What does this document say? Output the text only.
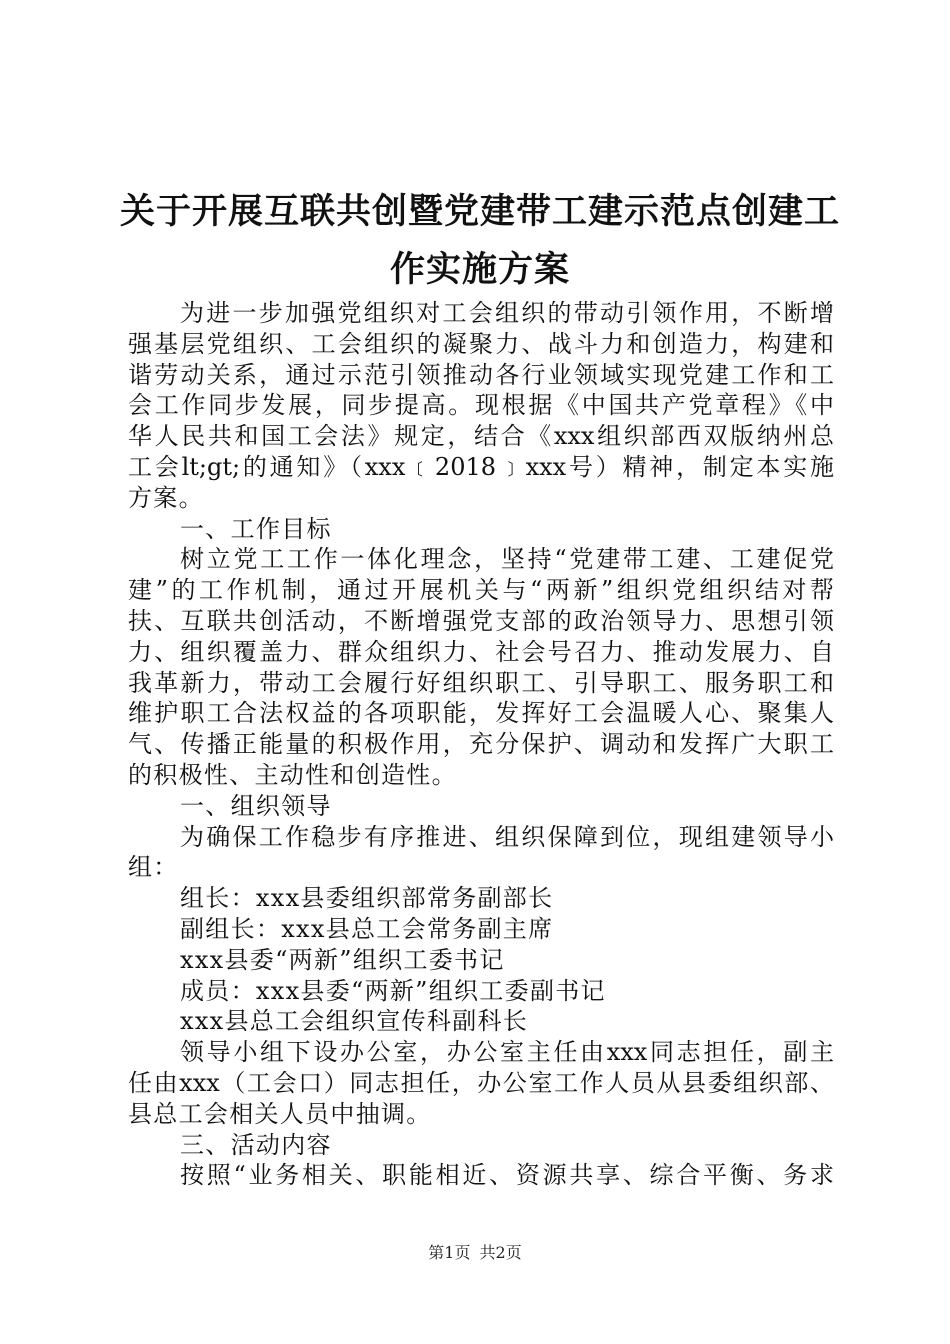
关于开展互联共创暨党建带工建示范点创建工
作实施方案
为进一步加强党组织对工会组织的带动引领作用，不断增
强基层党组织、工会组织的凝聚力、战斗力和创造力，构建和
谐劳动关系，通过示范引领推动各行业领域实现党建工作和工
会工作同步发展，同步提高。现根据《中国共产党章程》《中
华人民共和国工会法》规定，结合《xxx组织部西双版纳州总
工会lt;gt;的通知》（xxx﹝2018﹞xxx号）精神，制定本实施
方案。
一、工作目标
树立党工工作一体化理念，坚持“党建带工建、工建促党
建”的工作机制，通过开展机关与“两新”组织党组织结对帮
扶、互联共创活动，不断增强党支部的政治领导力、思想引领
力、组织覆盖力、群众组织力、社会号召力、推动发展力、自
我革新力，带动工会履行好组织职工、引导职工、服务职工和
维护职工合法权益的各项职能，发挥好工会温暖人心、聚集人
气、传播正能量的积极作用，充分保护、调动和发挥广大职工
的积极性、主动性和创造性。
一、组织领导
为确保工作稳步有序推进、组织保障到位，现组建领导小
组：
组长：xxx县委组织部常务副部长
副组长：xxx县总工会常务副主席
xxx县委“两新”组织工委书记
成员：xxx县委“两新”组织工委副书记
xxx县总工会组织宣传科副科长
领导小组下设办公室，办公室主任由xxx同志担任，副主
任由xxx（工会口）同志担任，办公室工作人员从县委组织部、
县总工会相关人员中抽调。
三、活动内容
按照“业务相关、职能相近、资源共享、综合平衡、务求
第1页 共2页
